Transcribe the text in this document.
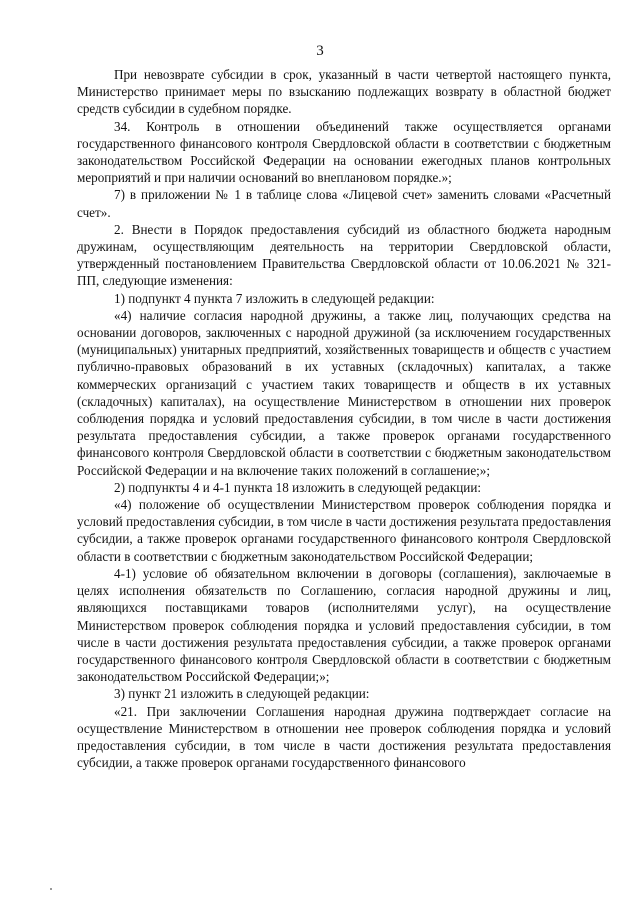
3

При невозврате субсидии в срок, указанный в части четвертой настоящего пункта, Министерство принимает меры по взысканию подлежащих возврату в областной бюджет средств субсидии в судебном порядке.

34. Контроль в отношении объединений также осуществляется органами государственного финансового контроля Свердловской области в соответствии с бюджетным законодательством Российской Федерации на основании ежегодных планов контрольных мероприятий и при наличии оснований во внеплановом порядке.»;

7) в приложении № 1 в таблице слова «Лицевой счет» заменить словами «Расчетный счет».

2. Внести в Порядок предоставления субсидий из областного бюджета народным дружинам, осуществляющим деятельность на территории Свердловской области, утвержденный постановлением Правительства Свердловской области от 10.06.2021 № 321-ПП, следующие изменения:

1) подпункт 4 пункта 7 изложить в следующей редакции:

«4) наличие согласия народной дружины, а также лиц, получающих средства на основании договоров, заключенных с народной дружиной (за исключением государственных (муниципальных) унитарных предприятий, хозяйственных товариществ и обществ с участием публично-правовых образований в их уставных (складочных) капиталах, а также коммерческих организаций с участием таких товариществ и обществ в их уставных (складочных) капиталах), на осуществление Министерством в отношении них проверок соблюдения порядка и условий предоставления субсидии, в том числе в части достижения результата предоставления субсидии, а также проверок органами государственного финансового контроля Свердловской области в соответствии с бюджетным законодательством Российской Федерации и на включение таких положений в соглашение;»;

2) подпункты 4 и 4-1 пункта 18 изложить в следующей редакции:

«4) положение об осуществлении Министерством проверок соблюдения порядка и условий предоставления субсидии, в том числе в части достижения результата предоставления субсидии, а также проверок органами государственного финансового контроля Свердловской области в соответствии с бюджетным законодательством Российской Федерации;

4-1) условие об обязательном включении в договоры (соглашения), заключаемые в целях исполнения обязательств по Соглашению, согласия народной дружины и лиц, являющихся поставщиками товаров (исполнителями услуг), на осуществление Министерством проверок соблюдения порядка и условий предоставления субсидии, в том числе в части достижения результата предоставления субсидии, а также проверок органами государственного финансового контроля Свердловской области в соответствии с бюджетным законодательством Российской Федерации;»;

3) пункт 21 изложить в следующей редакции:

«21. При заключении Соглашения народная дружина подтверждает согласие на осуществление Министерством в отношении нее проверок соблюдения порядка и условий предоставления субсидии, в том числе в части достижения результата предоставления субсидии, а также проверок органами государственного финансового
